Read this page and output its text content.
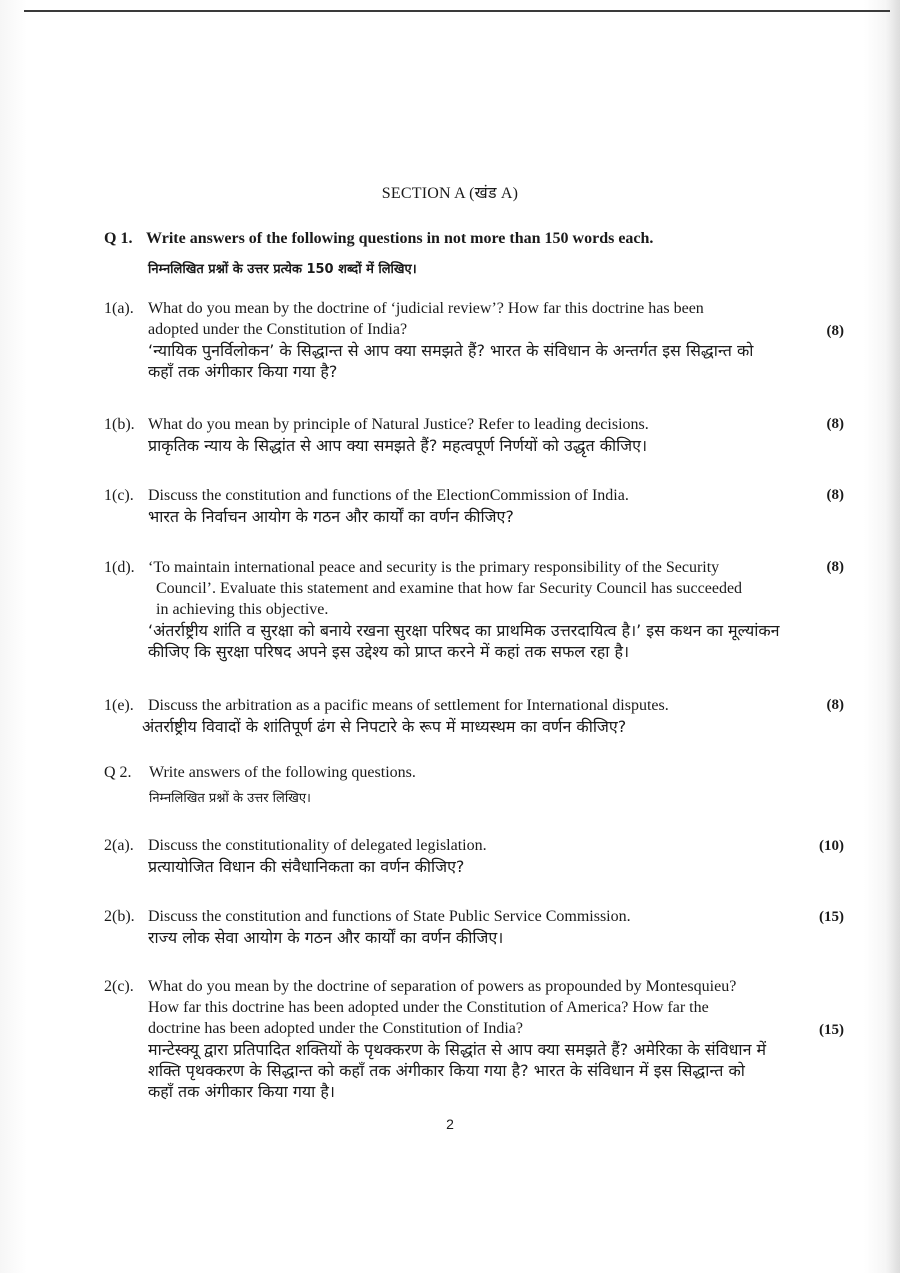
SECTION A (खंड A)
Q 1. Write answers of the following questions in not more than 150 words each.
निम्नलिखित प्रश्नों के उत्तर प्रत्येक 150 शब्दों में लिखिए।
1(a). What do you mean by the doctrine of ‘judicial review’? How far this doctrine has been
adopted under the Constitution of India?
‘न्यायिक पुनर्विलोकन’ के सिद्धान्त से आप क्या समझते हैं? भारत के संविधान के अन्तर्गत इस सिद्धान्त को
कहाँ तक अंगीकार किया गया है?
(8)
1(b). What do you mean by principle of Natural Justice? Refer to leading decisions.
प्राकृतिक न्याय के सिद्धांत से आप क्या समझते हैं? महत्वपूर्ण निर्णयों को उद्धृत कीजिए।
(8)
1(c). Discuss the constitution and functions of the ElectionCommission of India.
भारत के निर्वाचन आयोग के गठन और कार्यों का वर्णन कीजिए?
(8)
1(d). ‘To maintain international peace and security is the primary responsibility of the Security
Council’. Evaluate this statement and examine that how far Security Council has succeeded
in achieving this objective.
‘अंतर्राष्ट्रीय शांति व सुरक्षा को बनाये रखना सुरक्षा परिषद का प्राथमिक उत्तरदायित्व है।’ इस कथन का मूल्यांकन
कीजिए कि सुरक्षा परिषद अपने इस उद्देश्य को प्राप्त करने में कहां तक सफल रहा है।
(8)
1(e). Discuss the arbitration as a pacific means of settlement for International disputes.
अंतर्राष्ट्रीय विवादों के शांतिपूर्ण ढंग से निपटारे के रूप में माध्यस्थम का वर्णन कीजिए?
(8)
Q 2. Write answers of the following questions.
निम्नलिखित प्रश्नों के उत्तर लिखिए।
2(a). Discuss the constitutionality of delegated legislation.
प्रत्यायोजित विधान की संवैधानिकता का वर्णन कीजिए?
(10)
2(b). Discuss the constitution and functions of State Public Service Commission.
राज्य लोक सेवा आयोग के गठन और कार्यों का वर्णन कीजिए।
(15)
2(c). What do you mean by the doctrine of separation of powers as propounded by Montesquieu?
How far this doctrine has been adopted under the Constitution of America? How far the
doctrine has been adopted under the Constitution of India?
मान्टेस्क्यू द्वारा प्रतिपादित शक्तियों के पृथक्करण के सिद्धांत से आप क्या समझते हैं? अमेरिका के संविधान में
शक्ति पृथक्करण के सिद्धान्त को कहाँ तक अंगीकार किया गया है? भारत के संविधान में इस सिद्धान्त को
कहाँ तक अंगीकार किया गया है।
(15)
2
